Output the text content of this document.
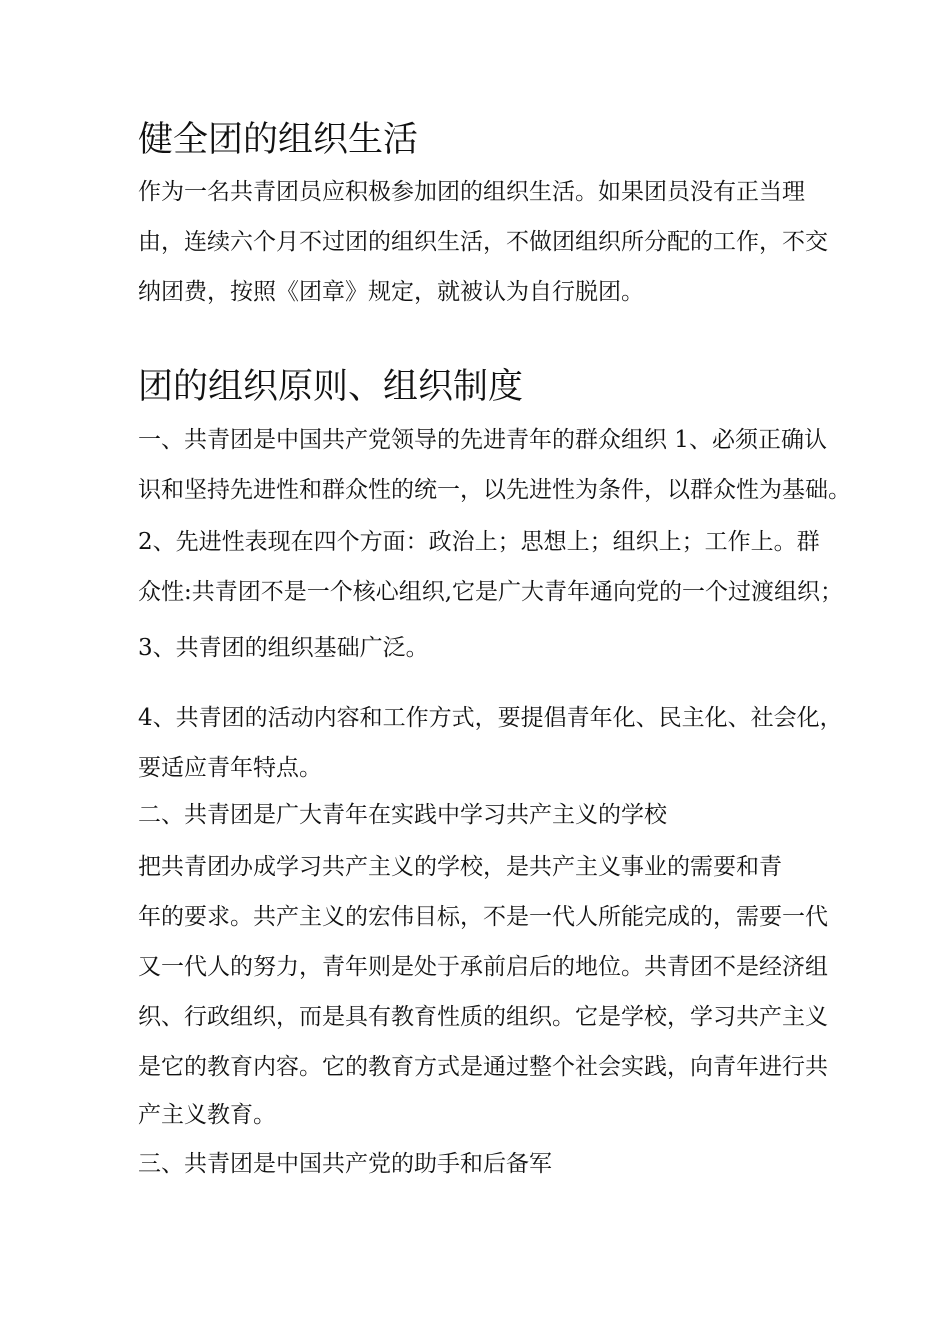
健全团的组织生活

作为一名共青团员应积极参加团的组织生活。如果团员没有正当理

由，连续六个月不过团的组织生活，不做团组织所分配的工作，不交

纳团费，按照《团章》规定，就被认为自行脱团。

团的组织原则、组织制度

一、共青团是中国共产党领导的先进青年的群众组织 1、必须正确认

识和坚持先进性和群众性的统一，以先进性为条件，以群众性为基础。

2、先进性表现在四个方面：政治上；思想上；组织上；工作上。群

众性:共青团不是一个核心组织,它是广大青年通向党的一个过渡组织；

3、共青团的组织基础广泛。

4、共青团的活动内容和工作方式，要提倡青年化、民主化、社会化，

要适应青年特点。

二、共青团是广大青年在实践中学习共产主义的学校

把共青团办成学习共产主义的学校，是共产主义事业的需要和青

年的要求。共产主义的宏伟目标，不是一代人所能完成的，需要一代

又一代人的努力，青年则是处于承前启后的地位。共青团不是经济组

织、行政组织，而是具有教育性质的组织。它是学校，学习共产主义

是它的教育内容。它的教育方式是通过整个社会实践，向青年进行共

产主义教育。

三、共青团是中国共产党的助手和后备军
